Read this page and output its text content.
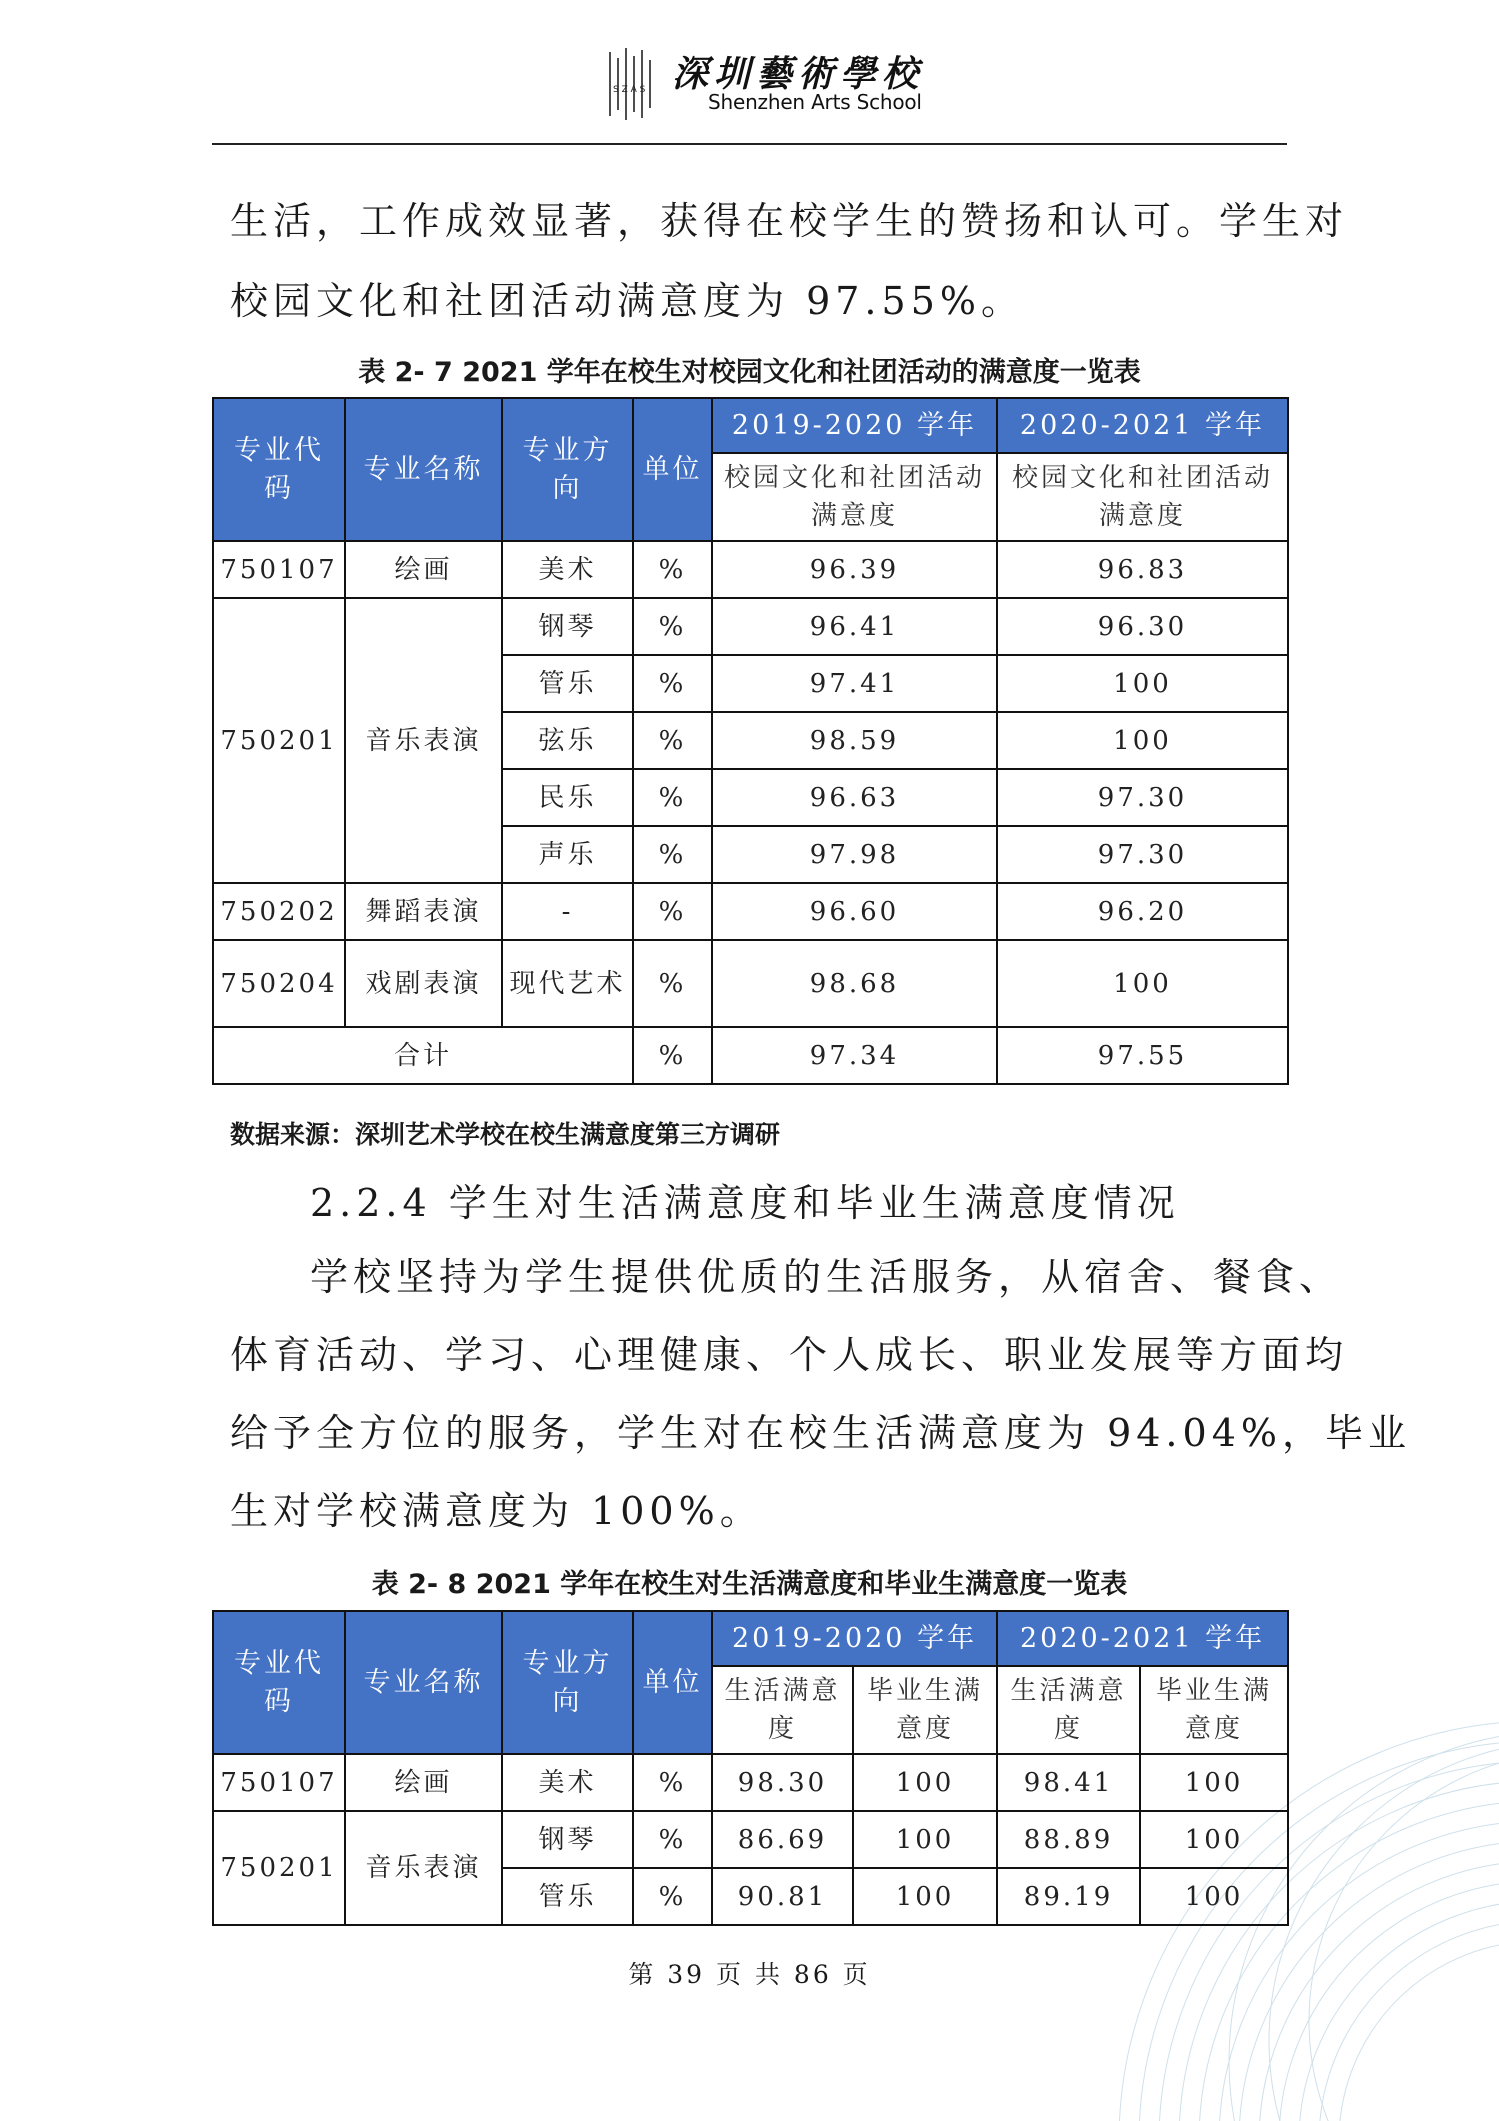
S Z A S 深圳藝術學校
Shenzhen Arts School

生活，工作成效显著，获得在校学生的赞扬和认可。学生对

校园文化和社团活动满意度为 97.55%。

表 2- 7 2021 学年在校生对校园文化和社团活动的满意度一览表

专业代码	专业名称	专业方向	单位	2019-2020 学年	2020-2021 学年
				校园文化和社团活动满意度	校园文化和社团活动满意度
750107	绘画	美术	%	96.39	96.83
750201	音乐表演	钢琴	%	96.41	96.30
		管乐	%	97.41	100
		弦乐	%	98.59	100
		民乐	%	96.63	97.30
		声乐	%	97.98	97.30
750202	舞蹈表演	-	%	96.60	96.20
750204	戏剧表演	现代艺术	%	98.68	100
合计			%	97.34	97.55

数据来源：深圳艺术学校在校生满意度第三方调研

2.2.4 学生对生活满意度和毕业生满意度情况

学校坚持为学生提供优质的生活服务，从宿舍、餐食、

体育活动、学习、心理健康、个人成长、职业发展等方面均

给予全方位的服务，学生对在校生活满意度为 94.04%，毕业

生对学校满意度为 100%。

表 2- 8 2021 学年在校生对生活满意度和毕业生满意度一览表

专业代码	专业名称	专业方向	单位	2019-2020 学年		2020-2021 学年	
				生活满意度	毕业生满意度	生活满意度	毕业生满意度
750107	绘画	美术	%	98.30	100	98.41	100
750201	音乐表演	钢琴	%	86.69	100	88.89	100
		管乐	%	90.81	100	89.19	100

第 39 页 共 86 页
